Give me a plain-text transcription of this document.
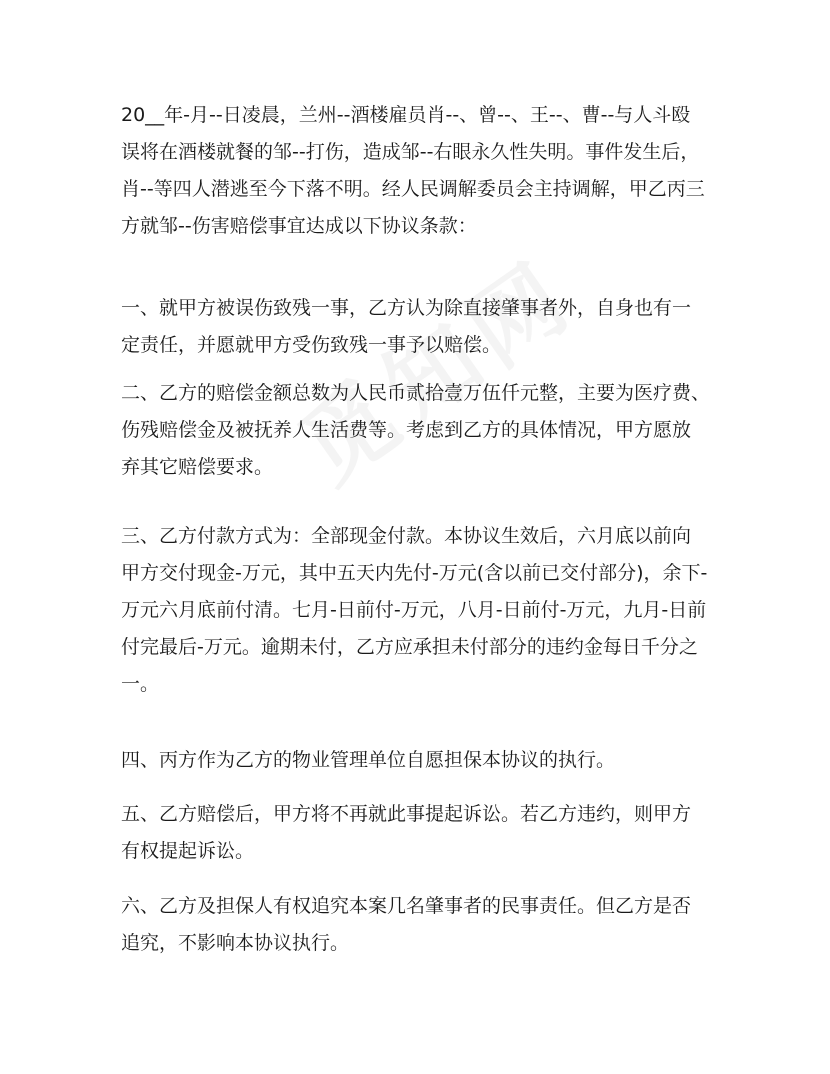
20__年-月--日凌晨，兰州--酒楼雇员肖--、曾--、王--、曹--与人斗殴
误将在酒楼就餐的邹--打伤，造成邹--右眼永久性失明。事件发生后，
肖--等四人潜逃至今下落不明。经人民调解委员会主持调解，甲乙丙三
方就邹--伤害赔偿事宜达成以下协议条款：
一、就甲方被误伤致残一事，乙方认为除直接肇事者外，自身也有一
定责任，并愿就甲方受伤致残一事予以赔偿。
二、乙方的赔偿金额总数为人民币贰拾壹万伍仟元整，主要为医疗费、
伤残赔偿金及被抚养人生活费等。考虑到乙方的具体情况，甲方愿放
弃其它赔偿要求。
三、乙方付款方式为：全部现金付款。本协议生效后，六月底以前向
甲方交付现金-万元，其中五天内先付-万元(含以前已交付部分)，余下-
万元六月底前付清。七月-日前付-万元，八月-日前付-万元，九月-日前
付完最后-万元。逾期未付，乙方应承担未付部分的违约金每日千分之
一。
四、丙方作为乙方的物业管理单位自愿担保本协议的执行。
五、乙方赔偿后，甲方将不再就此事提起诉讼。若乙方违约，则甲方
有权提起诉讼。
六、乙方及担保人有权追究本案几名肇事者的民事责任。但乙方是否
追究，不影响本协议执行。
